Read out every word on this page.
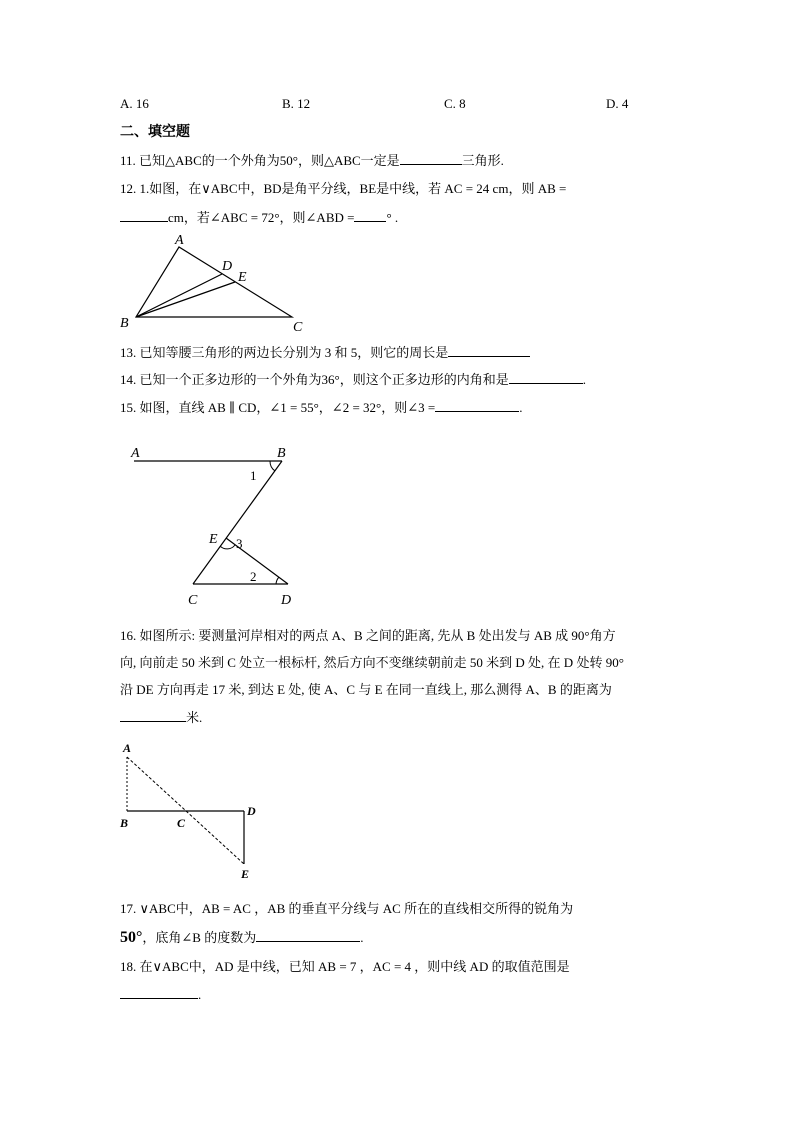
A. 16	B. 12	C. 8	D. 4
二、填空题
11. 已知△ABC的一个外角为50°，则△ABC一定是	三角形.
12. 1.如图，在∨ABC中，BD是角平分线，BE是中线，若 AC = 24 cm，则 AB =
cm，若∠ABC = 72°，则∠ABD = ° .
A
B	C
D
E
13. 已知等腰三角形的两边长分别为 3 和 5，则它的周长是
14. 已知一个正多边形的一个外角为36°，则这个正多边形的内角和是	.
15. 如图，直线 AB ∥ CD，∠1 = 55°，∠2 = 32°，则∠3 =	.
A	B
C	D
E
1
2
3
16. 如图所示: 要测量河岸相对的两点 A、B 之间的距离, 先从 B 处出发与 AB 成 90°角方
向, 向前走 50 米到 C 处立一根标杆, 然后方向不变继续朝前走 50 米到 D 处, 在 D 处转 90°
沿 DE 方向再走 17 米, 到达 E 处, 使 A、C 与 E 在同一直线上, 那么测得 A、B 的距离为
米.
A
B	C
D
E
17. ∨ABC中，AB = AC ，AB 的垂直平分线与 AC 所在的直线相交所得的锐角为
50°，底角∠B 的度数为	.
18. 在∨ABC中，AD 是中线，已知 AB = 7 ，AC = 4 ，则中线 AD 的取值范围是
.
